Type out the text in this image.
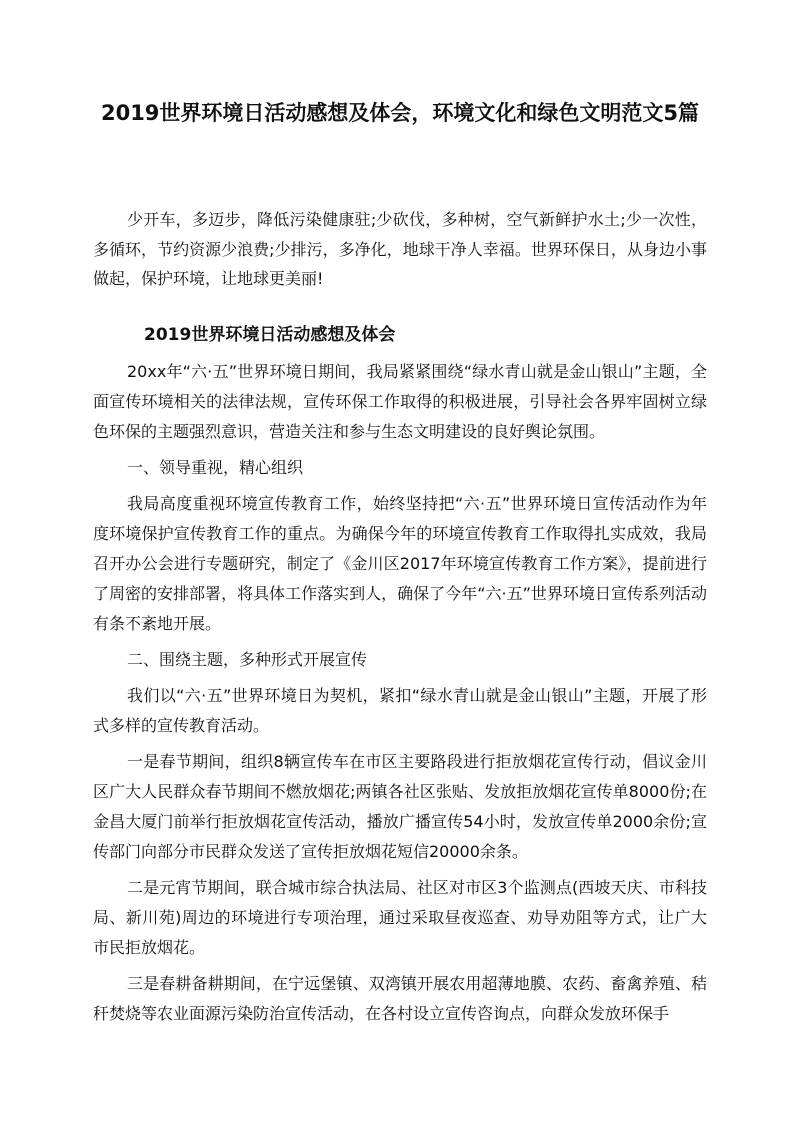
2019世界环境日活动感想及体会，环境文化和绿色文明范文5篇

少开车，多迈步，降低污染健康驻;少砍伐，多种树，空气新鲜护水土;少一次性，多循环，节约资源少浪费;少排污，多净化，地球干净人幸福。世界环保日，从身边小事做起，保护环境，让地球更美丽!

2019世界环境日活动感想及体会

20xx年“六·五”世界环境日期间，我局紧紧围绕“绿水青山就是金山银山”主题，全面宣传环境相关的法律法规，宣传环保工作取得的积极进展，引导社会各界牢固树立绿色环保的主题强烈意识，营造关注和参与生态文明建设的良好舆论氛围。

一、领导重视，精心组织

我局高度重视环境宣传教育工作，始终坚持把“六·五”世界环境日宣传活动作为年度环境保护宣传教育工作的重点。为确保今年的环境宣传教育工作取得扎实成效，我局召开办公会进行专题研究，制定了《金川区2017年环境宣传教育工作方案》，提前进行了周密的安排部署，将具体工作落实到人，确保了今年“六·五”世界环境日宣传系列活动有条不紊地开展。

二、围绕主题，多种形式开展宣传

我们以“六·五”世界环境日为契机，紧扣“绿水青山就是金山银山”主题，开展了形式多样的宣传教育活动。

一是春节期间，组织8辆宣传车在市区主要路段进行拒放烟花宣传行动，倡议金川区广大人民群众春节期间不燃放烟花;两镇各社区张贴、发放拒放烟花宣传单8000份;在金昌大厦门前举行拒放烟花宣传活动，播放广播宣传54小时，发放宣传单2000余份;宣传部门向部分市民群众发送了宣传拒放烟花短信20000余条。

二是元宵节期间，联合城市综合执法局、社区对市区3个监测点(西坡天庆、市科技局、新川苑)周边的环境进行专项治理，通过采取昼夜巡查、劝导劝阻等方式，让广大市民拒放烟花。

三是春耕备耕期间，在宁远堡镇、双湾镇开展农用超薄地膜、农药、畜禽养殖、秸秆焚烧等农业面源污染防治宣传活动，在各村设立宣传咨询点，向群众发放环保手
